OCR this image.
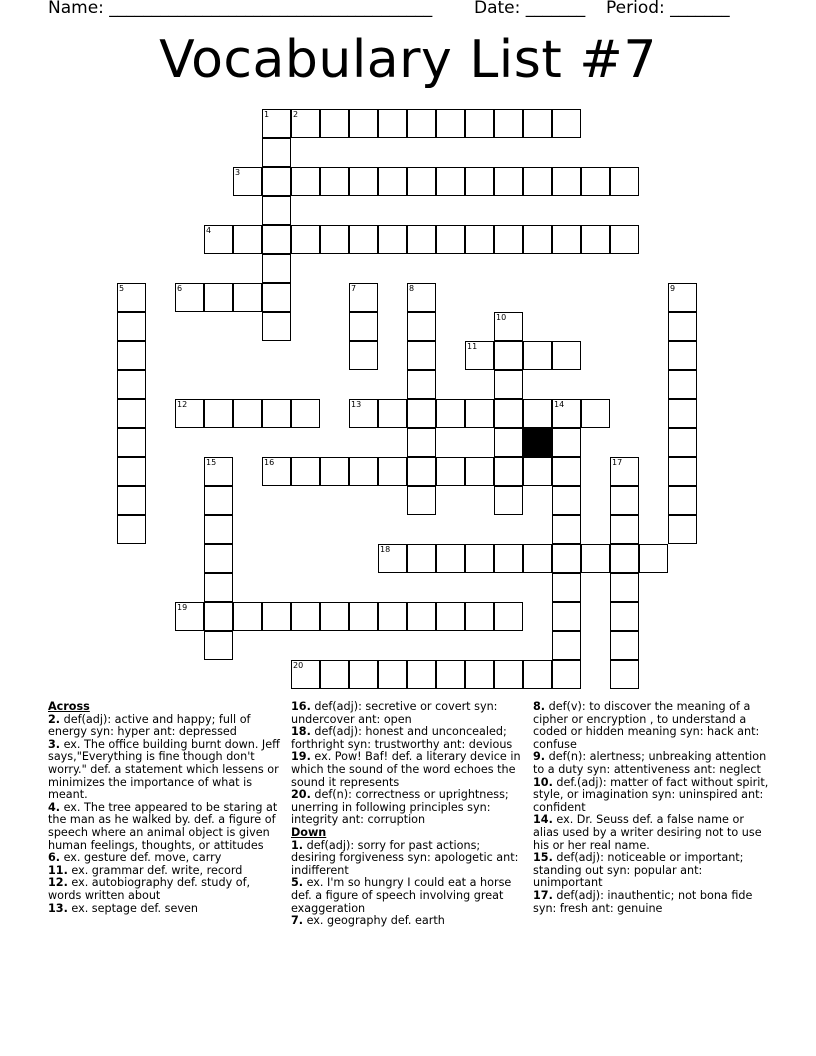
Name: ______________________________________ Date: _______ Period: _______
Vocabulary List #7
2
3
4
6
11
12	13	14
16
18
19
20
1
5	7	8	9
10
15	17
Across
2. def(adj): active and happy; full of energy syn: hyper ant: depressed
3. ex. The office building burnt down. Jeff says,"Everything is fine though don't worry." def. a statement which lessens or minimizes the importance of what is meant.
4. ex. The tree appeared to be staring at the man as he walked by. def. a figure of speech where an animal object is given human feelings, thoughts, or attitudes
6. ex. gesture def. move, carry
11. ex. grammar def. write, record
12. ex. autobiography def. study of, words written about
13. ex. septage def. seven
16. def(adj): secretive or covert syn: undercover ant: open
18. def(adj): honest and unconcealed; forthright syn: trustworthy ant: devious
19. ex. Pow! Baf! def. a literary device in which the sound of the word echoes the sound it represents
20. def(n): correctness or uprightness; unerring in following principles syn: integrity ant: corruption
Down
1. def(adj): sorry for past actions; desiring forgiveness syn: apologetic ant: indifferent
5. ex. I'm so hungry I could eat a horse def. a figure of speech involving great exaggeration
7. ex. geography def. earth
8. def(v): to discover the meaning of a cipher or encryption , to understand a coded or hidden meaning syn: hack ant: confuse
9. def(n): alertness; unbreaking attention to a duty syn: attentiveness ant: neglect
10. def.(adj): matter of fact without spirit, style, or imagination syn: uninspired ant: confident
14. ex. Dr. Seuss def. a false name or alias used by a writer desiring not to use his or her real name.
15. def(adj): noticeable or important; standing out syn: popular ant: unimportant
17. def(adj): inauthentic; not bona fide syn: fresh ant: genuine
